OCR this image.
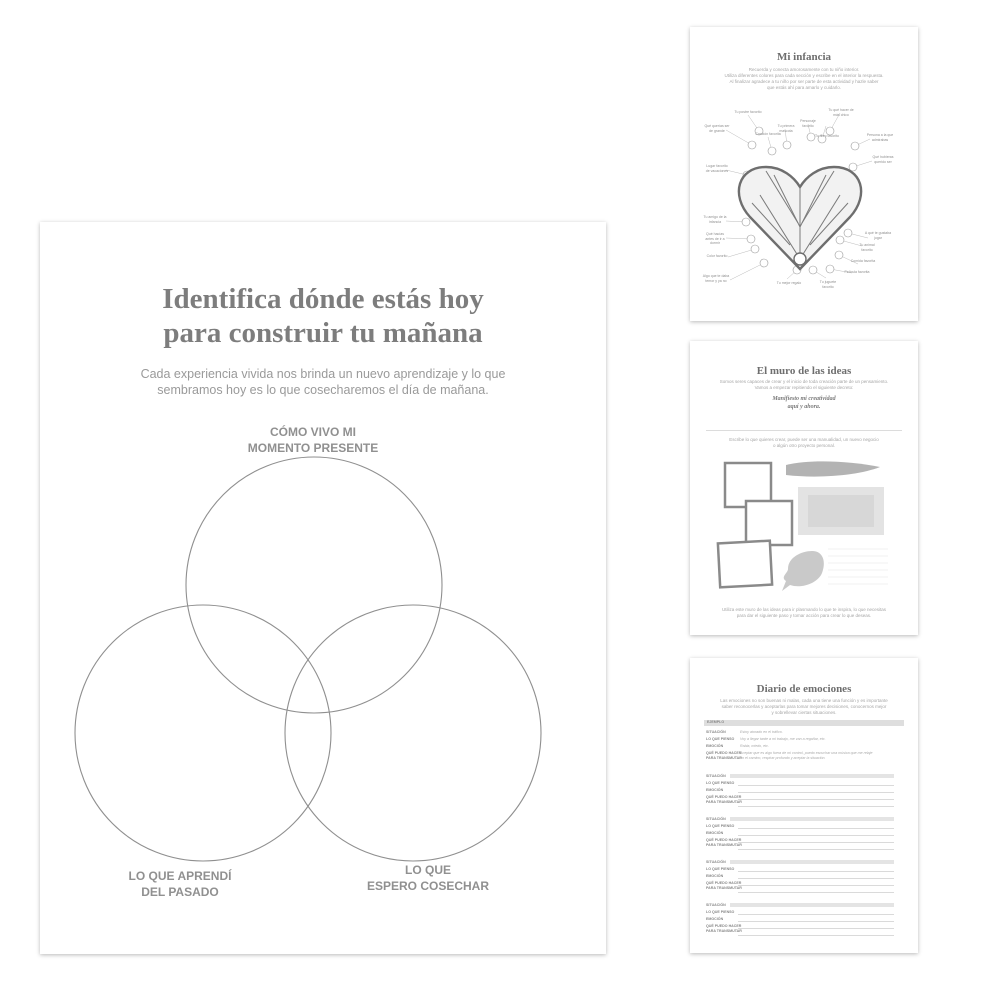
Identifica dónde estás hoy
para construir tu mañana
Cada experiencia vivida nos brinda un nuevo aprendizaje y lo que
sembramos hoy es lo que cosecharemos el día de mañana.
CÓMO VIVO MI
MOMENTO PRESENTE
LO QUE APRENDÍ
DEL PASADO
LO QUE
ESPERO COSECHAR
Mi infancia
Recuerda y conecta amorosamente con tu niño interior.
Utiliza diferentes colores para cada sección y escribe en el interior la respuesta.
Al finalizar agradece a tu niño por ser parte de esta actividad y hazle saber
que estás ahí para amarlo y cuidarlo.
Qué querías ser de grande
Lugar favorito de vacaciones
Tu amigo de la infancia
Qué hacías antes de ir a dormir
Color favorito
Algo que te daba temor y ya no
Tu postre favorito
Canción favorita
Tu primera mascota
Personaje favorito
Tu libro favorito
Tu qué hacer de más chico
Persona a la que admirabas
Qué hubieras querido ser
A qué te gustaba jugar
Tu animal favorito
Comida favorita
Película favorita
Tu mejor regalo	Tu juguete favorito
El muro de las ideas
Somos seres capaces de crear y el inicio de toda creación parte de un pensamiento.
Vamos a empezar repitiendo el siguiente decreto:
Manifiesto mi creatividad
aquí y ahora.
Escribe lo que quieres crear, puede ser una manualidad, un nuevo negocio
o algún otro proyecto personal.
Utiliza este muro de las ideas para ir plasmando lo que te inspira, lo que necesitas
para dar el siguiente paso y tomar acción para crear lo que deseas.
Diario de emociones
Las emociones no son buenas ni malas, cada una tiene una función y es importante
saber reconocerlas y aceptarlas para tomar mejores decisiones, conocernos mejor
y sobrellevar ciertas situaciones.
EJEMPLO
SITUACIÓN	Estoy atorado en el tráfico.
LO QUE PIENSO Voy a llegar tarde a mi trabajo, me van a regañar, etc.
EMOCIÓN	Rabia, miedo, etc.
QUÉ PUEDO HACER
PARA TRANSMUTAR
Aceptar que es algo fuera de mi control, puedo escuchar una música que me relaje
en el camino, respirar profundo y aceptar la situación.
SITUACIÓN
LO QUE PIENSO
EMOCIÓN
QUÉ PUEDO HACER
PARA TRANSMUTAR
SITUACIÓN
LO QUE PIENSO
EMOCIÓN
QUÉ PUEDO HACER
PARA TRANSMUTAR
SITUACIÓN
LO QUE PIENSO
EMOCIÓN
QUÉ PUEDO HACER
PARA TRANSMUTAR
SITUACIÓN
LO QUE PIENSO
EMOCIÓN
QUÉ PUEDO HACER
PARA TRANSMUTAR
